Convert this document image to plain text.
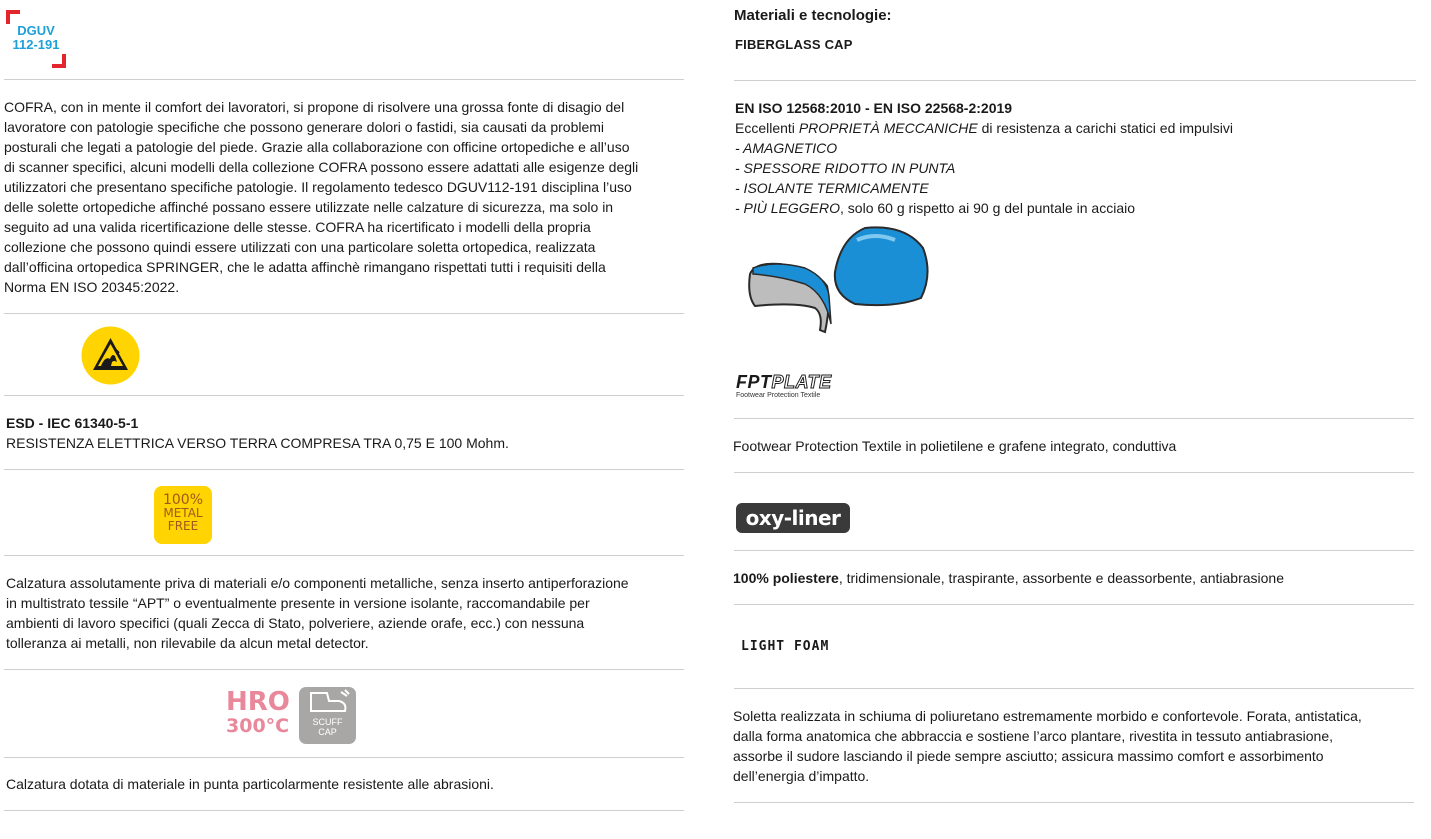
DGUV
112-191
COFRA, con in mente il comfort dei lavoratori, si propone di risolvere una grossa fonte di disagio del
lavoratore con patologie specifiche che possono generare dolori o fastidi, sia causati da problemi
posturali che legati a patologie del piede. Grazie alla collaborazione con officine ortopediche e all’uso
di scanner specifici, alcuni modelli della collezione COFRA possono essere adattati alle esigenze degli
utilizzatori che presentano specifiche patologie. Il regolamento tedesco DGUV112-191 disciplina l’uso
delle solette ortopediche affinché possano essere utilizzate nelle calzature di sicurezza, ma solo in
seguito ad una valida ricertificazione delle stesse. COFRA ha ricertificato i modelli della propria
collezione che possono quindi essere utilizzati con una particolare soletta ortopedica, realizzata
dall’officina ortopedica SPRINGER, che le adatta affinchè rimangano rispettati tutti i requisiti della
Norma EN ISO 20345:2022.
ESD - IEC 61340-5-1
RESISTENZA ELETTRICA VERSO TERRA COMPRESA TRA 0,75 E 100 Mohm.
100%
METAL
FREE
Calzatura assolutamente priva di materiali e/o componenti metalliche, senza inserto antiperforazione
in multistrato tessile “APT” o eventualmente presente in versione isolante, raccomandabile per
ambienti di lavoro specifici (quali Zecca di Stato, polveriere, aziende orafe, ecc.) con nessuna
tolleranza ai metalli, non rilevabile da alcun metal detector.
HRO
300°C	SCUFF
CAP
Calzatura dotata di materiale in punta particolarmente resistente alle abrasioni.
Materiali e tecnologie:
FIBERGLASS CAP
EN ISO 12568:2010 - EN ISO 22568-2:2019
Eccellenti PROPRIETÀ MECCANICHE di resistenza a carichi statici ed impulsivi
- AMAGNETICO
- SPESSORE RIDOTTO IN PUNTA
- ISOLANTE TERMICAMENTE
- PIÙ LEGGERO, solo 60 g rispetto ai 90 g del puntale in acciaio
FPTPLATE
Footwear Protection Textile
Footwear Protection Textile in polietilene e grafene integrato, conduttiva
oxy-liner
100% poliestere, tridimensionale, traspirante, assorbente e deassorbente, antiabrasione
LIGHT FOAM
Soletta realizzata in schiuma di poliuretano estremamente morbido e confortevole. Forata, antistatica,
dalla forma anatomica che abbraccia e sostiene l’arco plantare, rivestita in tessuto antiabrasione,
assorbe il sudore lasciando il piede sempre asciutto; assicura massimo comfort e assorbimento
dell’energia d’impatto.
